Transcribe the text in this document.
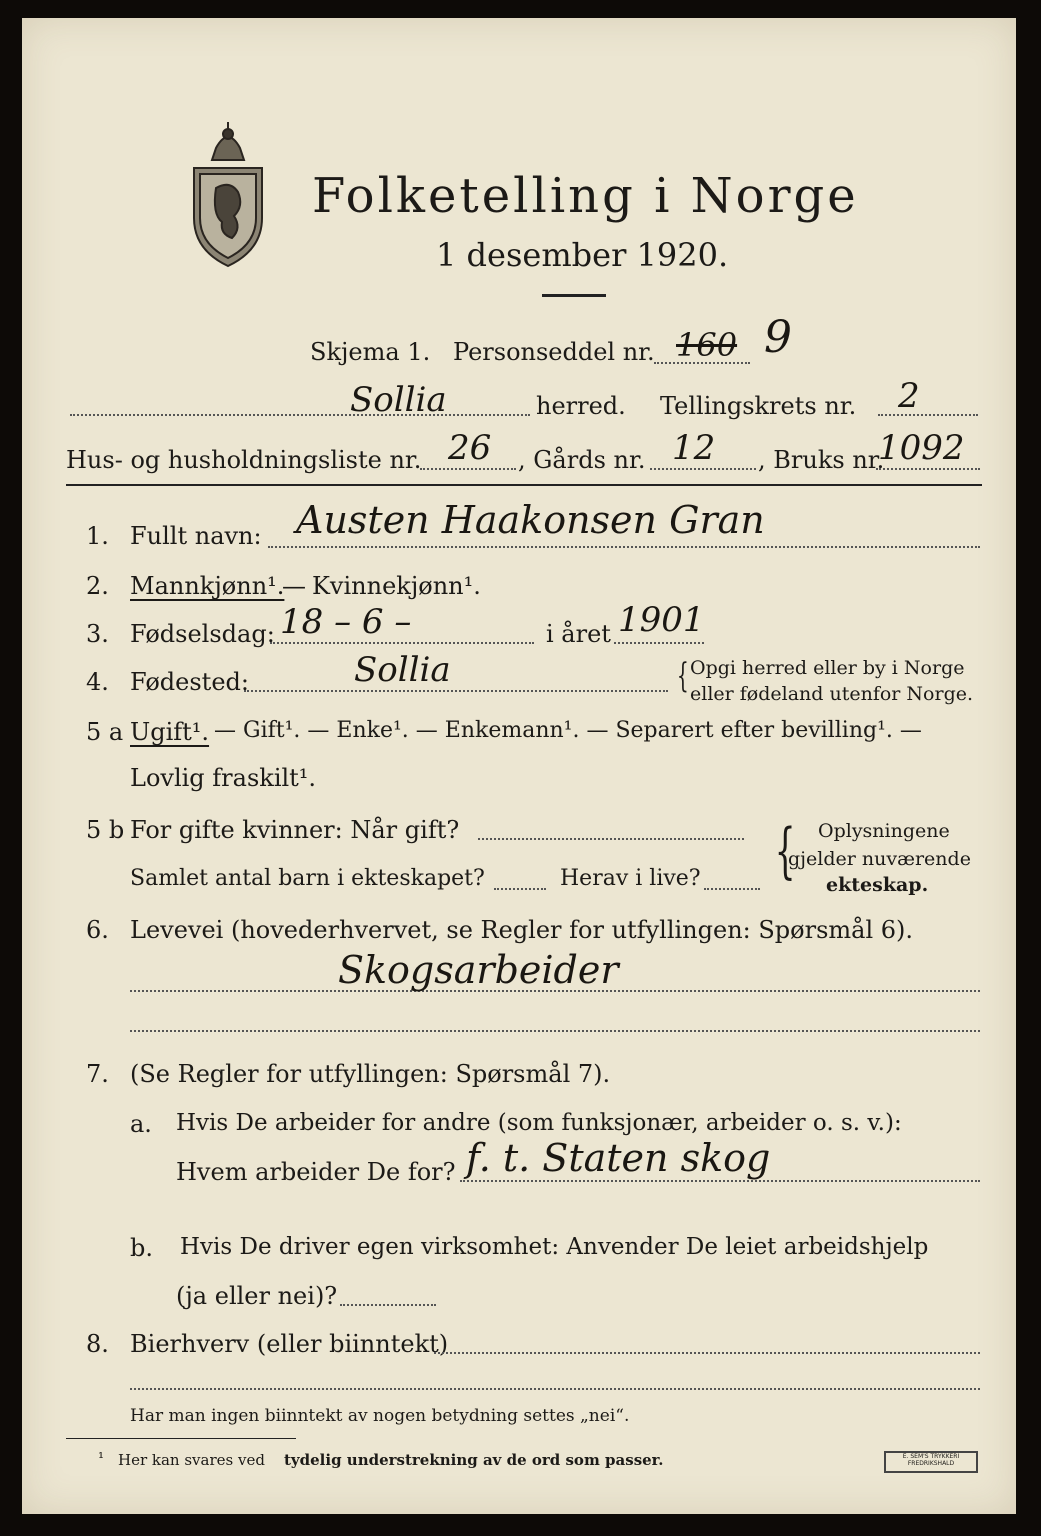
Folketelling i Norge
1 desember 1920.
Skjema 1. Personseddel nr. 160 9
Sollia	herred. Tellingskrets nr. 2
Hus- og husholdningsliste nr. 26 , Gårds nr. 12 , Bruks nr.
1092
1. Fullt navn: Austen Haakonsen Gran
2. Mannkjønn¹.
— Kvinnekjønn¹.
3. Fødselsdag: 18 – 6 –	i året 1901
4. Fødested:	Sollia	{ Opgi herred eller by i Norge
eller fødeland utenfor Norge.
5 a Ugift¹. — Gift¹. — Enke¹. — Enkemann¹. — Separert efter bevilling¹. —
Lovlig fraskilt¹.
5 b For gifte kvinner: Når gift?
Samlet antal barn i ekteskapet?	Herav i live? { Oplysningene
gjelder nuværende
ekteskap.
6. Levevei (hovederhvervet, se Regler for utfyllingen: Spørsmål 6).
Skogsarbeider
7. (Se Regler for utfyllingen: Spørsmål 7).
a. Hvis De arbeider for andre (som funksjonær, arbeider o. s. v.):
Hvem arbeider De for? f. t. Staten skog
b. Hvis De driver egen virksomhet: Anvender De leiet arbeidshjelp
(ja eller nei)?
8. Bierhverv (eller biinntekt)
Har man ingen biinntekt av nogen betydning settes „nei“.
¹ Her kan svares ved tydelig understrekning av de ord som passer.	E. SEM'S TRYKKERI FREDRIKSHALD
